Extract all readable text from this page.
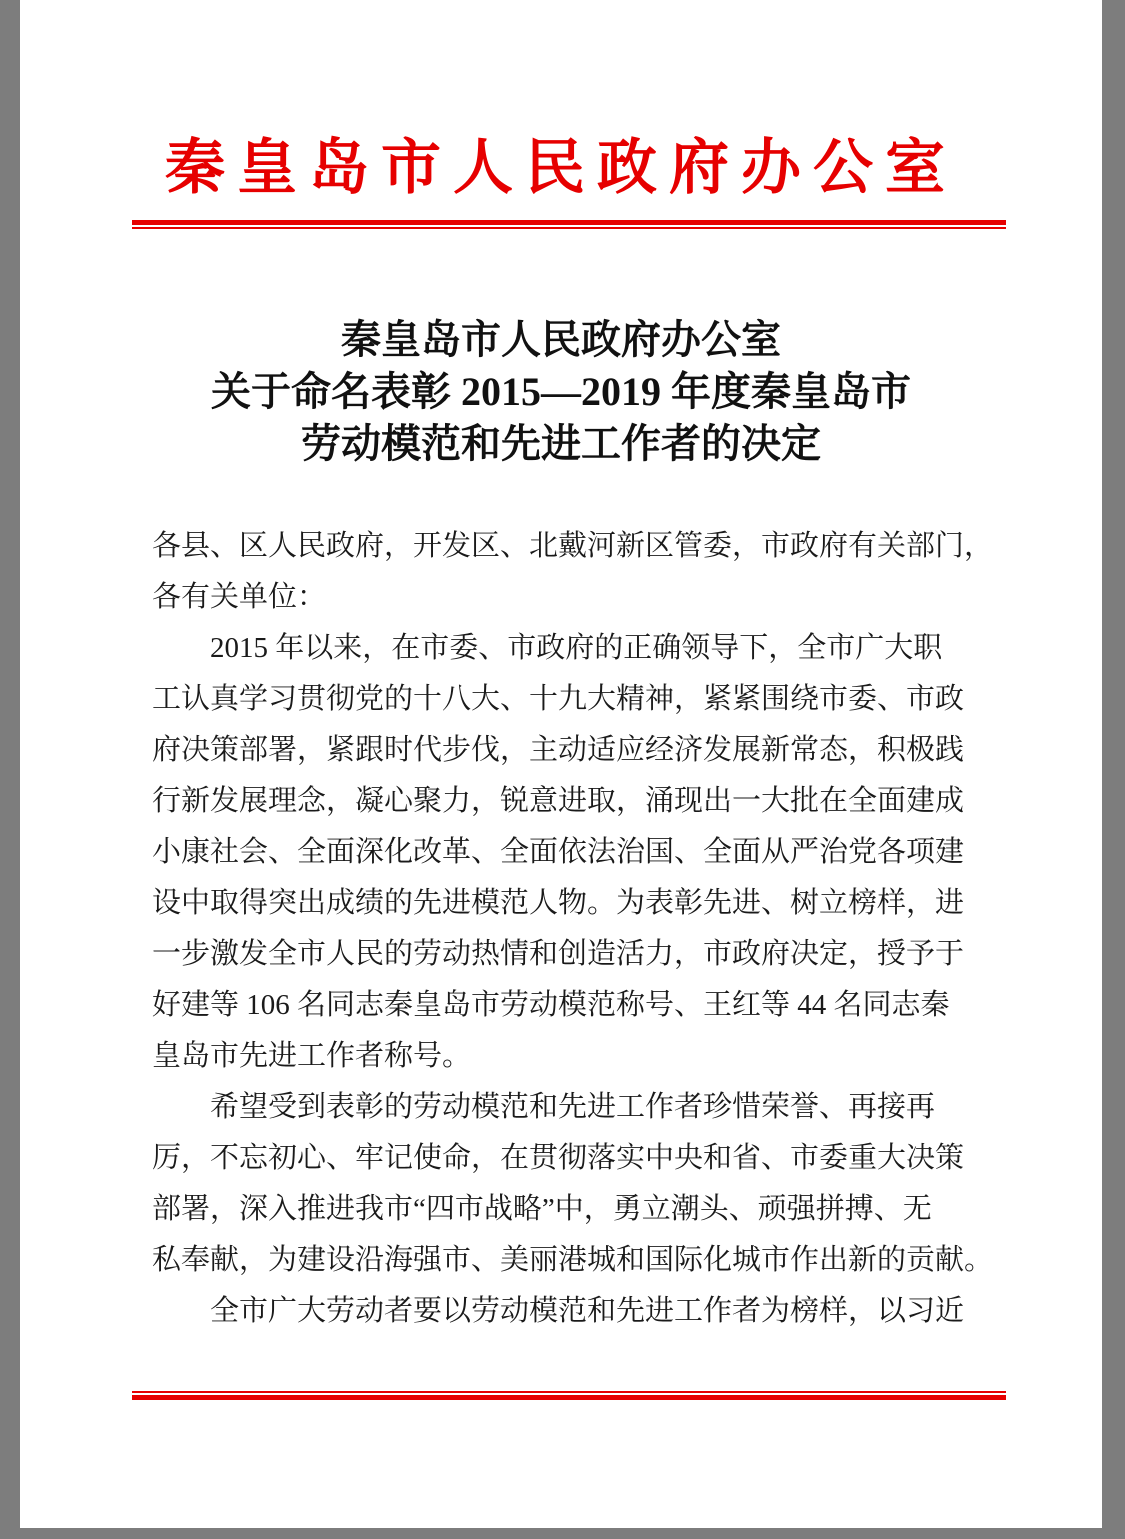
秦皇岛市人民政府办公室
秦皇岛市人民政府办公室
关于命名表彰 2015—2019 年度秦皇岛市
劳动模范和先进工作者的决定
各县、区人民政府，开发区、北戴河新区管委，市政府有关部门，
各有关单位：
　　2015 年以来，在市委、市政府的正确领导下，全市广大职
工认真学习贯彻党的十八大、十九大精神，紧紧围绕市委、市政
府决策部署，紧跟时代步伐，主动适应经济发展新常态，积极践
行新发展理念，凝心聚力，锐意进取，涌现出一大批在全面建成
小康社会、全面深化改革、全面依法治国、全面从严治党各项建
设中取得突出成绩的先进模范人物。为表彰先进、树立榜样，进
一步激发全市人民的劳动热情和创造活力，市政府决定，授予于
好建等 106 名同志秦皇岛市劳动模范称号、王红等 44 名同志秦
皇岛市先进工作者称号。
　　希望受到表彰的劳动模范和先进工作者珍惜荣誉、再接再
厉，不忘初心、牢记使命，在贯彻落实中央和省、市委重大决策
部署，深入推进我市“四市战略”中，勇立潮头、顽强拼搏、无
私奉献，为建设沿海强市、美丽港城和国际化城市作出新的贡献。
　　全市广大劳动者要以劳动模范和先进工作者为榜样，以习近
